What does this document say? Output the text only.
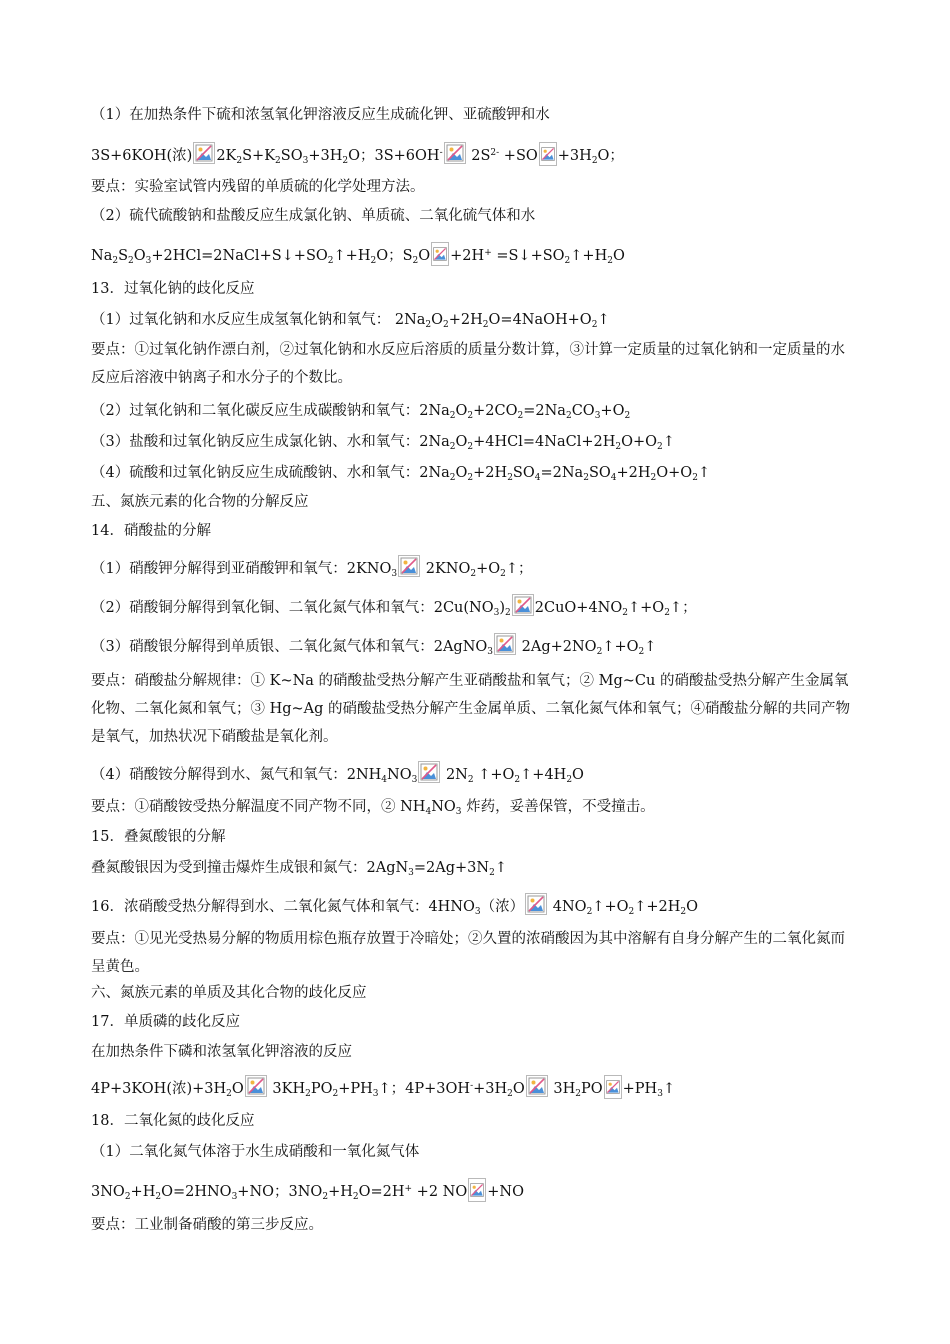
（1）在加热条件下硫和浓氢氧化钾溶液反应生成硫化钾、亚硫酸钾和水
3S+6KOH(浓) $2K_2S+K_2SO_3+3H_2O$；3S+6OH-
$2S^{2-} +SO +3H_2O$；
要点：实验室试管内残留的单质硫的化学处理方法。
（2）硫代硫酸钠和盐酸反应生成氯化钠、单质硫、二氧化硫气体和水
$Na_2S_2O_3+2HCl=2NaCl+S↓+SO_2↑+H_2O$；$S_2O +2H^+$ $=S↓+SO_2↑+H_2O$
13．过氧化钠的歧化反应
（1）过氧化钠和水反应生成氢氧化钠和氧气： $2Na_2O_2+2H_2O=4NaOH+O_2↑$
要点：①过氧化钠作漂白剂，②过氧化钠和水反应后溶质的质量分数计算，③计算一定质量的过氧化钠和一定质量的水反应后溶液中钠离子和水分子的个数比。
（2）过氧化钠和二氧化碳反应生成碳酸钠和氧气：$2Na_2O_2+2CO_2=2Na_2CO_3+O_2$
（3）盐酸和过氧化钠反应生成氯化钠、水和氧气：$2Na_2O_2+4HCl=4NaCl+2H_2O+O_2↑$
（4）硫酸和过氧化钠反应生成硫酸钠、水和氧气：$2Na_2O_2+2H_2SO_4=2Na_2SO_4+2H_2O+O_2↑$
五、氮族元素的化合物的分解反应
14．硝酸盐的分解
（1）硝酸钾分解得到亚硝酸钾和氧气：$2KNO_3$
$2KNO_2+O_2↑$；
（2）硝酸铜分解得到氧化铜、二氧化氮气体和氧气：$2Cu(NO_3)_2$ $2CuO+4NO_2↑+O_2↑$；
（3）硝酸银分解得到单质银、二氧化氮气体和氧气：2AgNO$_3$
$2Ag+2NO_2↑+O_2↑$
要点：硝酸盐分解规律：① K~Na 的硝酸盐受热分解产生亚硝酸盐和氧气；② Mg~Cu 的硝酸盐受热分解产生金属氧化物、二氧化氮和氧气；③ Hg~Ag 的硝酸盐受热分解产生金属单质、二氧化氮气体和氧气；④硝酸盐分解的共同产物是氧气，加热状况下硝酸盐是氧化剂。
（4）硝酸铵分解得到水、氮气和氧气：$2NH_4NO_3$
$2N_2$ $↑+O_2↑+4H_2O$
要点：①硝酸铵受热分解温度不同产物不同，② $NH_4NO_3$ 炸药，妥善保管，不受撞击。
15．叠氮酸银的分解
叠氮酸银因为受到撞击爆炸生成银和氮气：$2AgN_3=2Ag+3N_2↑$
16．浓硝酸受热分解得到水、二氧化氮气体和氧气：$4HNO_3$（浓）
$4NO_2↑+O_2↑+2H_2O$
要点：①见光受热易分解的物质用棕色瓶存放置于冷暗处；②久置的浓硝酸因为其中溶解有自身分解产生的二氧化氮而呈黄色。
六、氮族元素的单质及其化合物的歧化反应
17．单质磷的歧化反应
在加热条件下磷和浓氢氧化钾溶液的反应
4P+3KOH(浓)$+3H_2O$
$3KH_2PO_2+PH_3↑$；$4P+3OH^-+3H_2O$
$3H_2PO$ $+PH_3↑$
18．二氧化氮的歧化反应
（1）二氧化氮气体溶于水生成硝酸和一氧化氮气体
$3NO_2+H_2O=2HNO_3+NO$；$3NO_2+H_2O=2H^+ +2$ NO +NO
要点：工业制备硝酸的第三步反应。
